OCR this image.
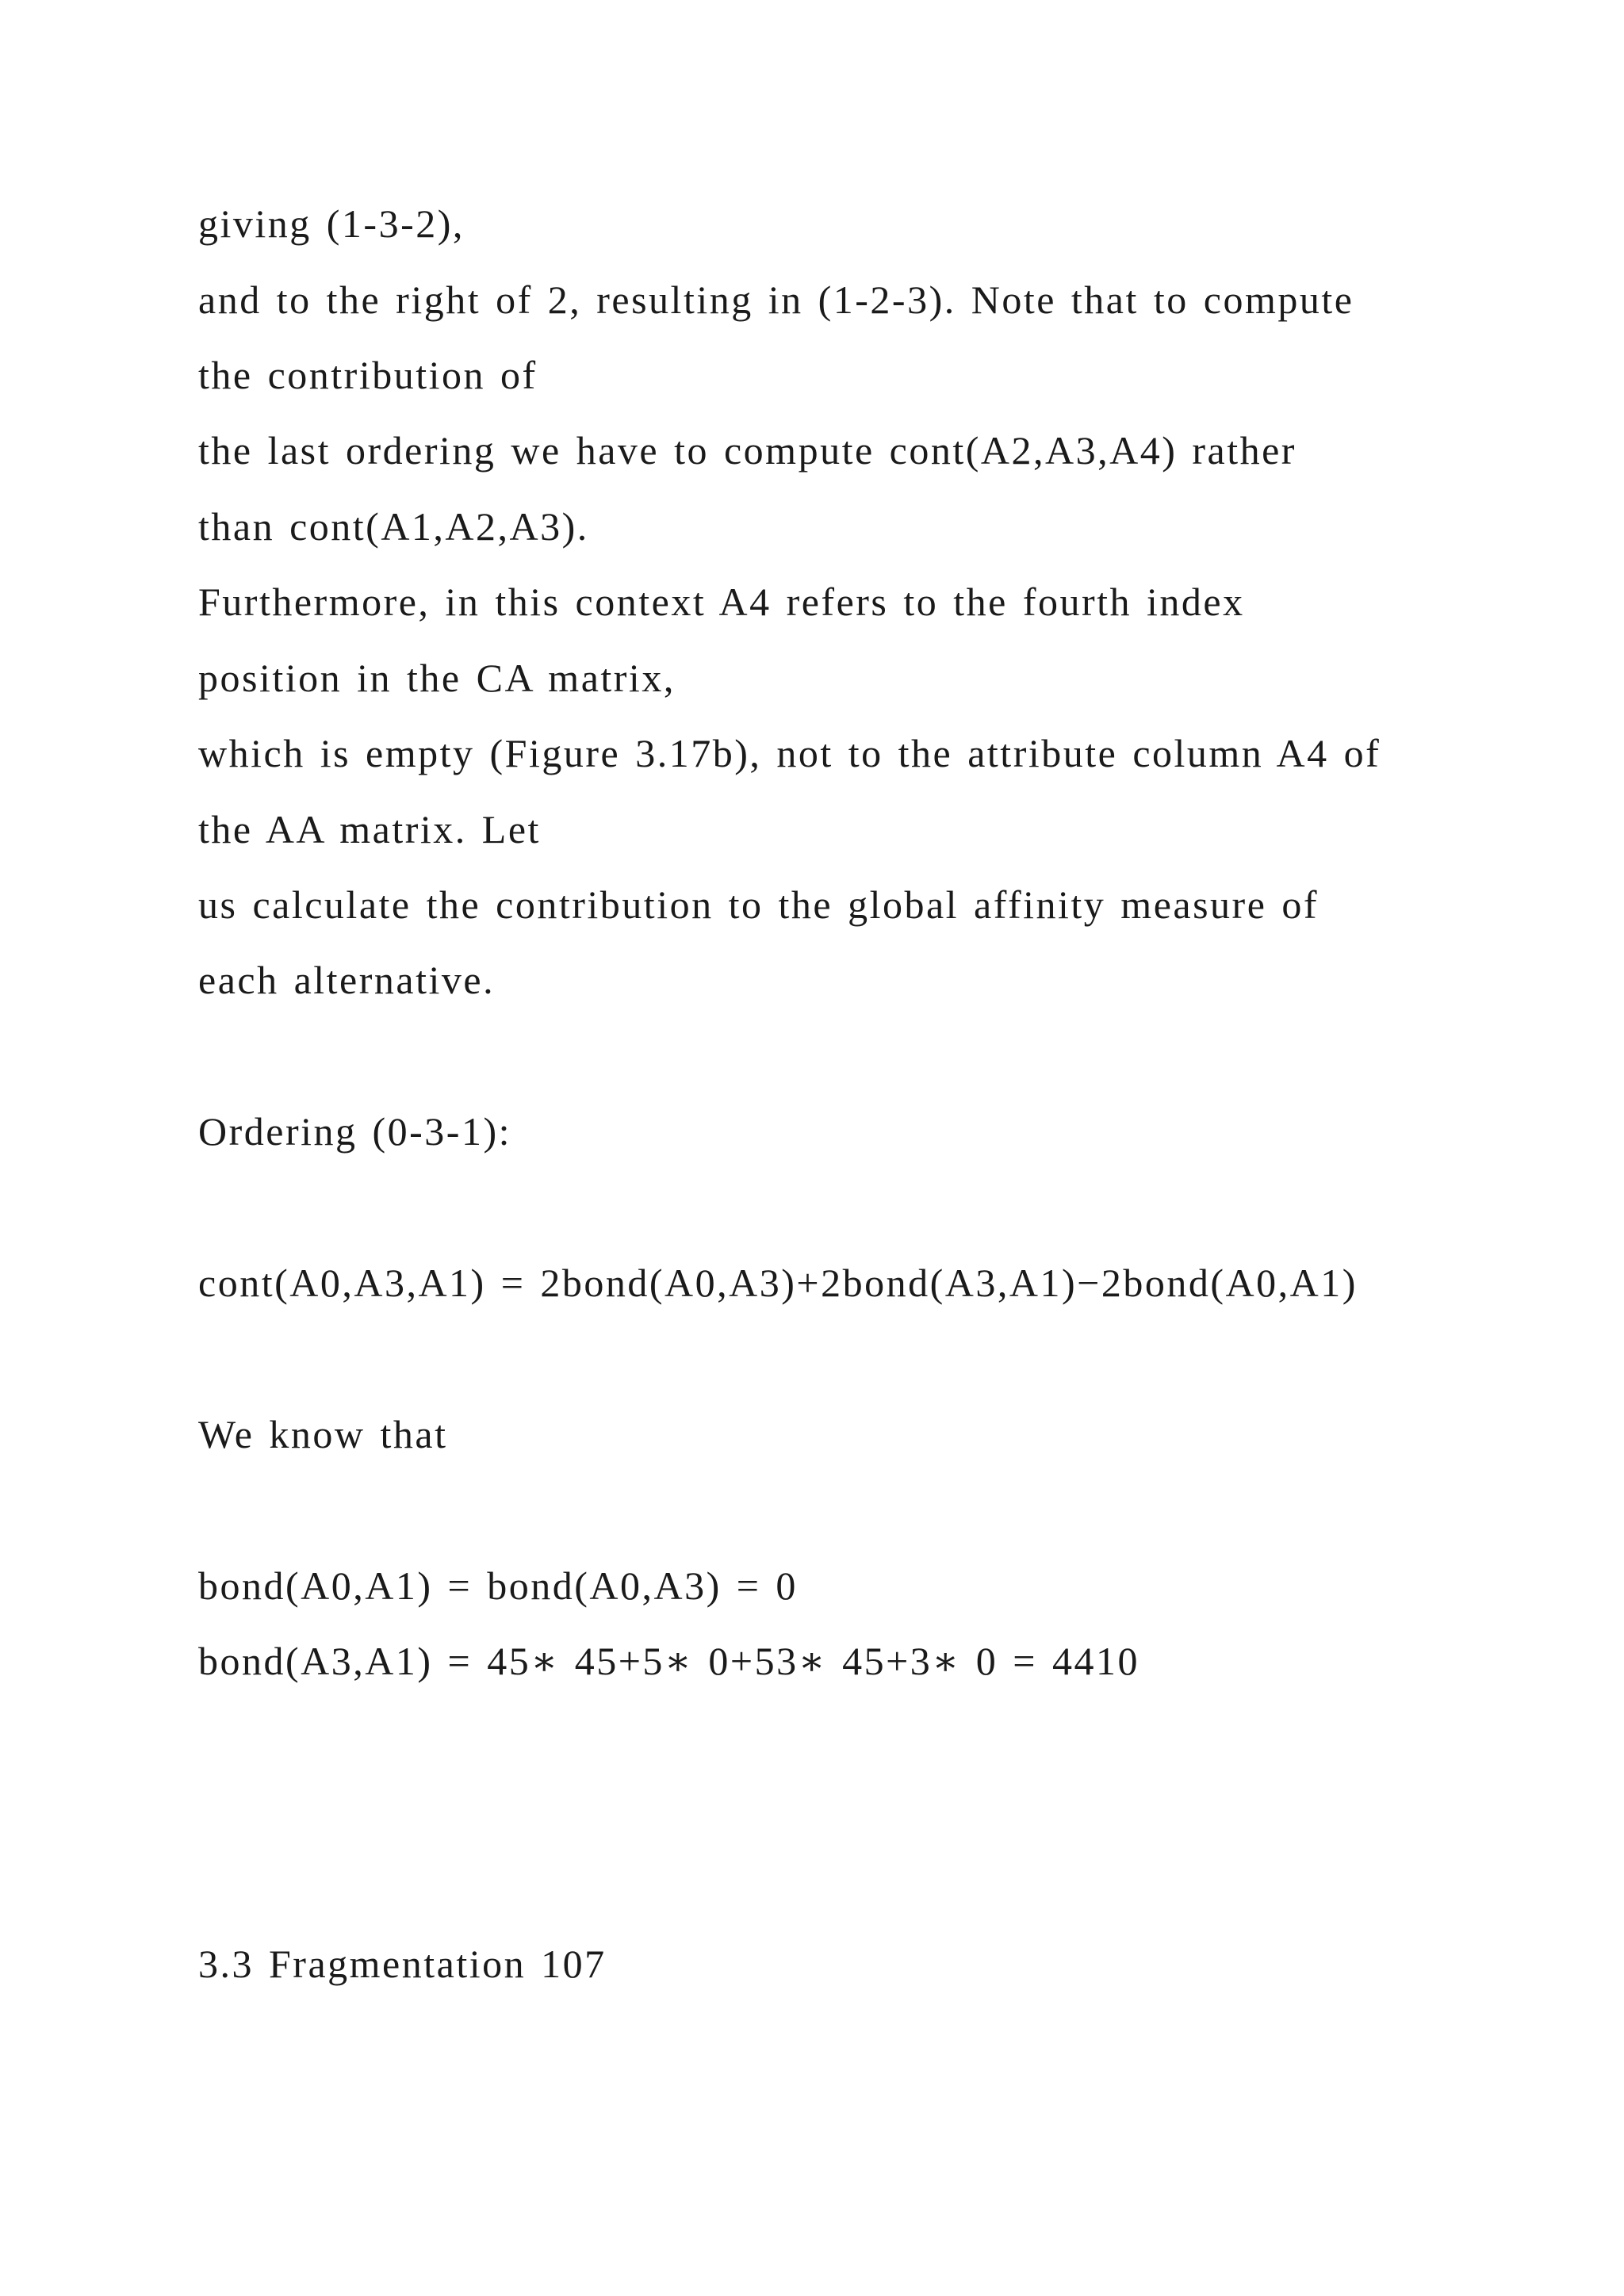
giving (1-3-2),
and to the right of 2, resulting in (1-2-3). Note that to compute
the contribution of
the last ordering we have to compute cont(A2,A3,A4) rather
than cont(A1,A2,A3).
Furthermore, in this context A4 refers to the fourth index
position in the CA matrix,
which is empty (Figure 3.17b), not to the attribute column A4 of
the AA matrix. Let
us calculate the contribution to the global affinity measure of
each alternative.
Ordering (0-3-1):
cont(A0,A3,A1) = 2bond(A0,A3)+2bond(A3,A1)−2bond(A0,A1)
We know that
bond(A0,A1) = bond(A0,A3) = 0
bond(A3,A1) = 45∗ 45+5∗ 0+53∗ 45+3∗ 0 = 4410
3.3 Fragmentation 107
